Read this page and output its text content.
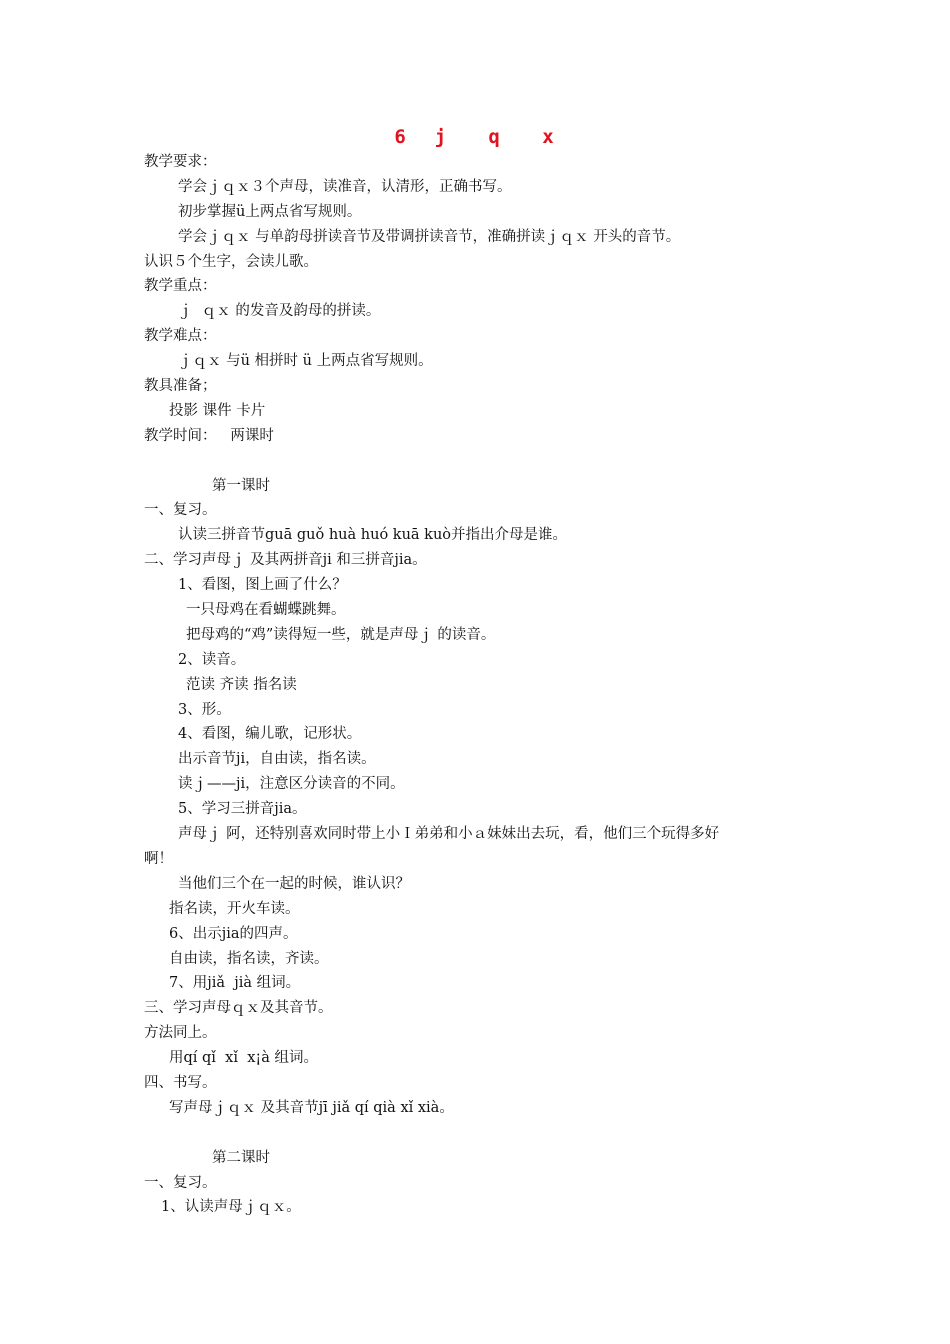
6  j   q   x
教学要求：
学会ｊｑｘ３个声母，读准音，认清形，正确书写。
初步掌握ü上两点省写规则。
学会ｊｑｘ 与单韵母拼读音节及带调拼读音节，准确拼读ｊｑｘ 开头的音节。
认识５个生字，会读儿歌。
教学重点：
ｊ  ｑｘ 的发音及韵母的拼读。
教学难点：
ｊｑｘ 与ü 相拼时 ü 上两点省写规则。
教具准备；
投影 课件 卡片
教学时间：   两课时
第一课时
一、复习。
认读三拼音节guā guǒ huà huó kuā kuò并指出介母是谁。
二、学习声母ｊ 及其两拼音ji 和三拼音jia。
1、看图，图上画了什么？
一只母鸡在看蝴蝶跳舞。
把母鸡的“鸡”读得短一些，就是声母ｊ 的读音。
2、读音。
范读 齐读 指名读
3、形。
4、看图，编儿歌，记形状。
出示音节ji，自由读，指名读。
读ｊ——ji，注意区分读音的不同。
5、学习三拼音jia。
声母ｊ 阿，还特别喜欢同时带上小Ｉ弟弟和小ａ妹妹出去玩，看，他们三个玩得多好
啊！
当他们三个在一起的时候，谁认识？
指名读，开火车读。
6、出示jia的四声。
自由读，指名读，齐读。
7、用jiǎ  jià 组词。
三、学习声母ｑｘ及其音节。
方法同上。
用qí qǐ  xǐ  x¡à 组词。
四、书写。
写声母ｊｑｘ 及其音节jī jiǎ qí qià xǐ xià。
第二课时
一、复习。
1、认读声母ｊｑｘ。
